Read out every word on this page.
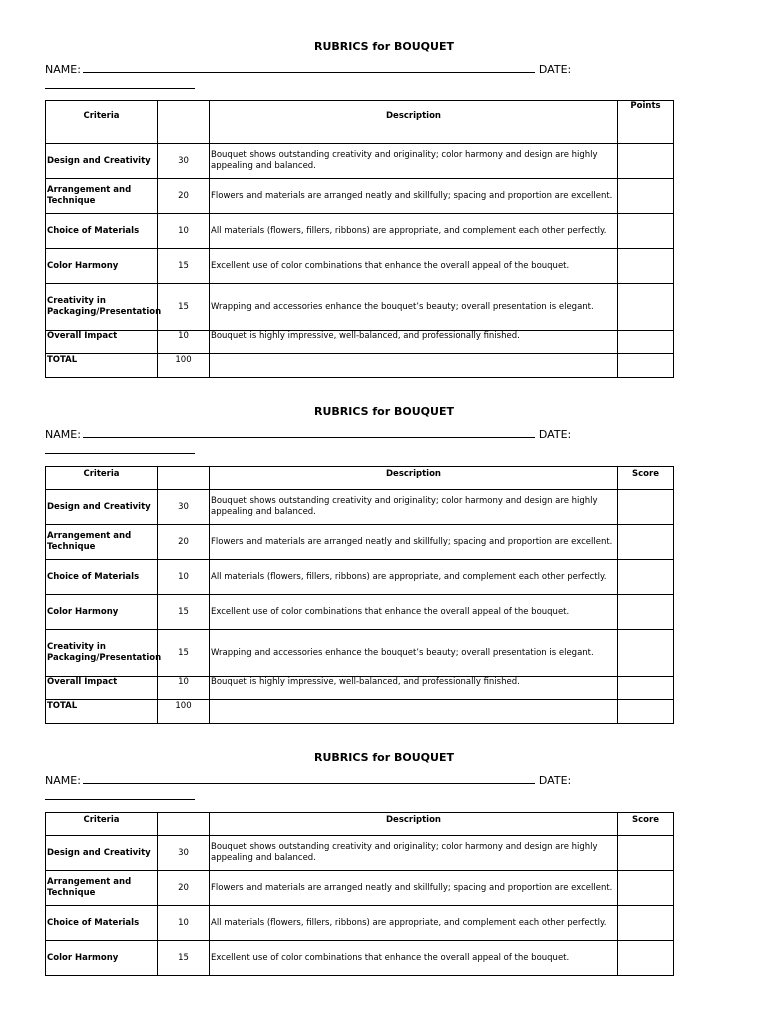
RUBRICS for BOUQUET
NAME:	DATE:
Criteria		Description	Points
Design and Creativity	30	Bouquet shows outstanding creativity and originality; color harmony and design are highly appealing and balanced.	
Arrangement and Technique	20	Flowers and materials are arranged neatly and skillfully; spacing and proportion are excellent.	
Choice of Materials	10	All materials (flowers, fillers, ribbons) are appropriate, and complement each other perfectly.	
Color Harmony	15	Excellent use of color combinations that enhance the overall appeal of the bouquet.	
Creativity in Packaging/Presentation	15	Wrapping and accessories enhance the bouquet’s beauty; overall presentation is elegant.	
Overall Impact	10	Bouquet is highly impressive, well-balanced, and professionally finished.	
TOTAL	100		
RUBRICS for BOUQUET
NAME:	DATE:
Criteria		Description	Score
Design and Creativity	30	Bouquet shows outstanding creativity and originality; color harmony and design are highly appealing and balanced.	
Arrangement and Technique	20	Flowers and materials are arranged neatly and skillfully; spacing and proportion are excellent.	
Choice of Materials	10	All materials (flowers, fillers, ribbons) are appropriate, and complement each other perfectly.	
Color Harmony	15	Excellent use of color combinations that enhance the overall appeal of the bouquet.	
Creativity in Packaging/Presentation	15	Wrapping and accessories enhance the bouquet’s beauty; overall presentation is elegant.	
Overall Impact	10	Bouquet is highly impressive, well-balanced, and professionally finished.	
TOTAL	100		
RUBRICS for BOUQUET
NAME:	DATE:
Criteria		Description	Score
Design and Creativity	30	Bouquet shows outstanding creativity and originality; color harmony and design are highly appealing and balanced.	
Arrangement and Technique	20	Flowers and materials are arranged neatly and skillfully; spacing and proportion are excellent.	
Choice of Materials	10	All materials (flowers, fillers, ribbons) are appropriate, and complement each other perfectly.	
Color Harmony	15	Excellent use of color combinations that enhance the overall appeal of the bouquet.	
